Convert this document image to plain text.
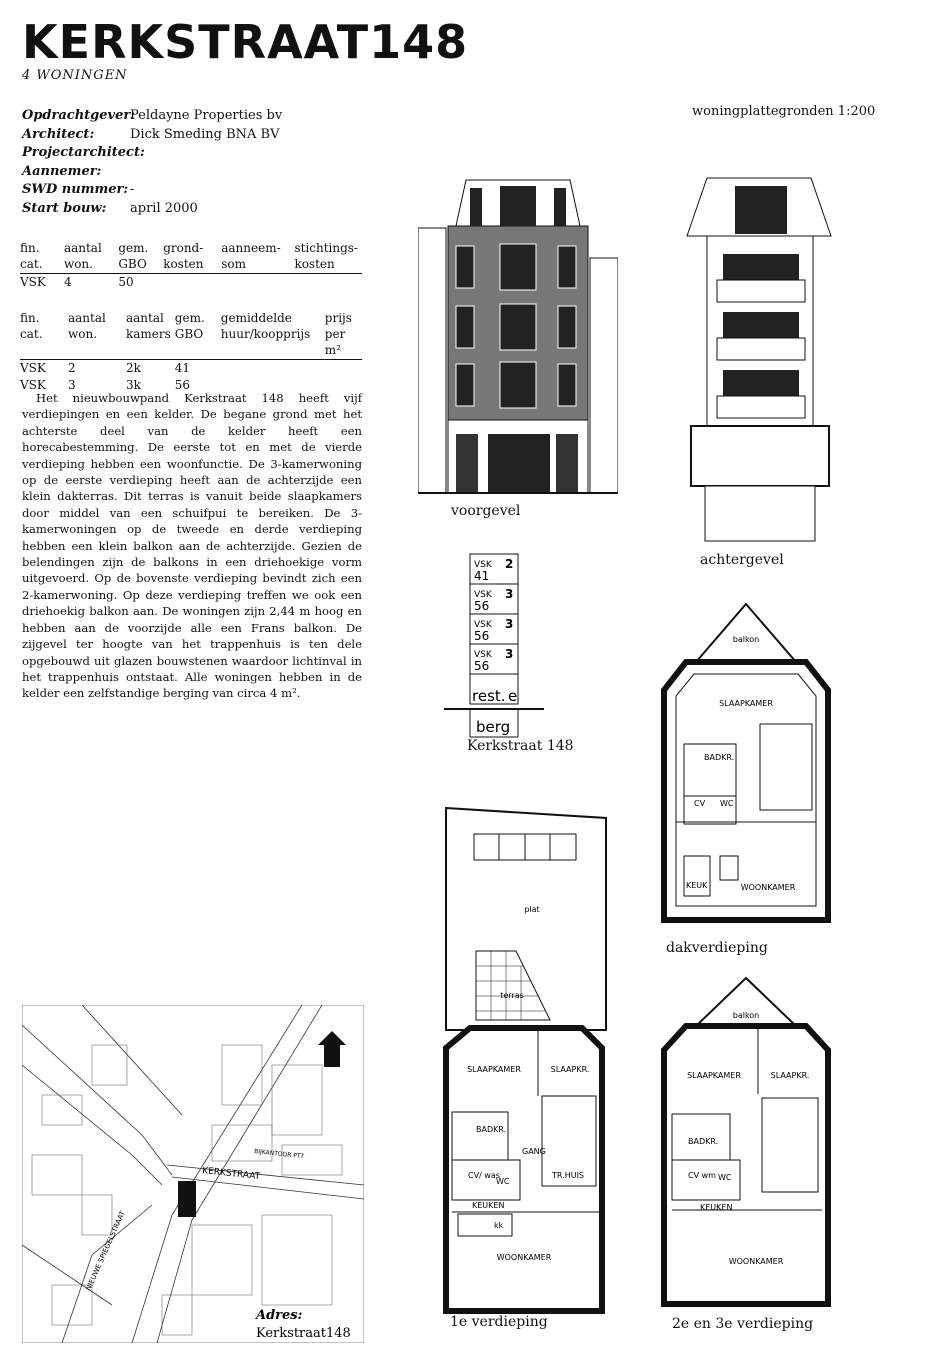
KERKSTRAAT148
4 WONINGEN
woningplattegronden 1:200
Opdrachtgever:Peldayne Properties bv
Architect:	Dick Smeding BNA BV
Projectarchitect:
Aannemer:
SWD nummer: -
Start bouw: april 2000
fin. cat.	aantal won.	gem. GBO	grond- kosten	aanneem- som	stichtings- kosten
VSK	4	50			
fin. cat.	aantal won.	aantal kamers	gem. GBO	gemiddelde huur/koopprijs	prijs per m²
VSK	2	2k	41		
VSK	3	3k	56		
Het nieuwbouwpand Kerkstraat 148 heeft vijf verdiepingen en een kelder. De begane grond met het achterste deel van de kelder heeft een horecabestemming. De eerste tot en met de vierde verdieping hebben een woonfunctie. De 3-kamerwoning op de eerste verdieping heeft aan de achterzijde een klein dakterras. Dit terras is vanuit beide slaapkamers door middel van een schuifpui te bereiken. De 3-kamerwoningen op de tweede en derde verdieping hebben een klein balkon aan de achterzijde. Gezien de belendingen zijn de balkons in een driehoekige vorm uitgevoerd. Op de bovenste verdieping bevindt zich een 2-kamerwoning. Op deze verdieping treffen we ook een driehoekig balkon aan. De woningen zijn 2,44 m hoog en hebben aan de voorzijde alle een Frans balkon. De zijgevel ter hoogte van het trappenhuis is ten dele opgebouwd uit glazen bouwstenen waardoor lichtinval in het trappenhuis ontstaat. Alle woningen hebben in de kelder een zelfstandige berging van circa 4 m².
voorgevel
achtergevel
VSK
41
2
VSK
56
3
VSK
56
3
VSK
56
3
rest. e
berg
Kerkstraat 148
balkon
SLAAPKAMER
BADKR.
CV WC
KEUK	WOONKAMER
dakverdieping
plat
terras
SLAAPKAMER	SLAAPKR.
BADKR.
GANG
TR.HUIS
CV/ was
WC
KEUKEN
kk
WOONKAMER
1e verdieping
balkon
SLAAPKAMER	SLAAPKR.
BADKR.
CV wm WC
KEUKEN
WOONKAMER
2e en 3e verdieping
KERKSTRAAT
NIEUWE SPIEGELSTRAAT
BIJKANTOOR PTT
Adres:
Kerkstraat148
